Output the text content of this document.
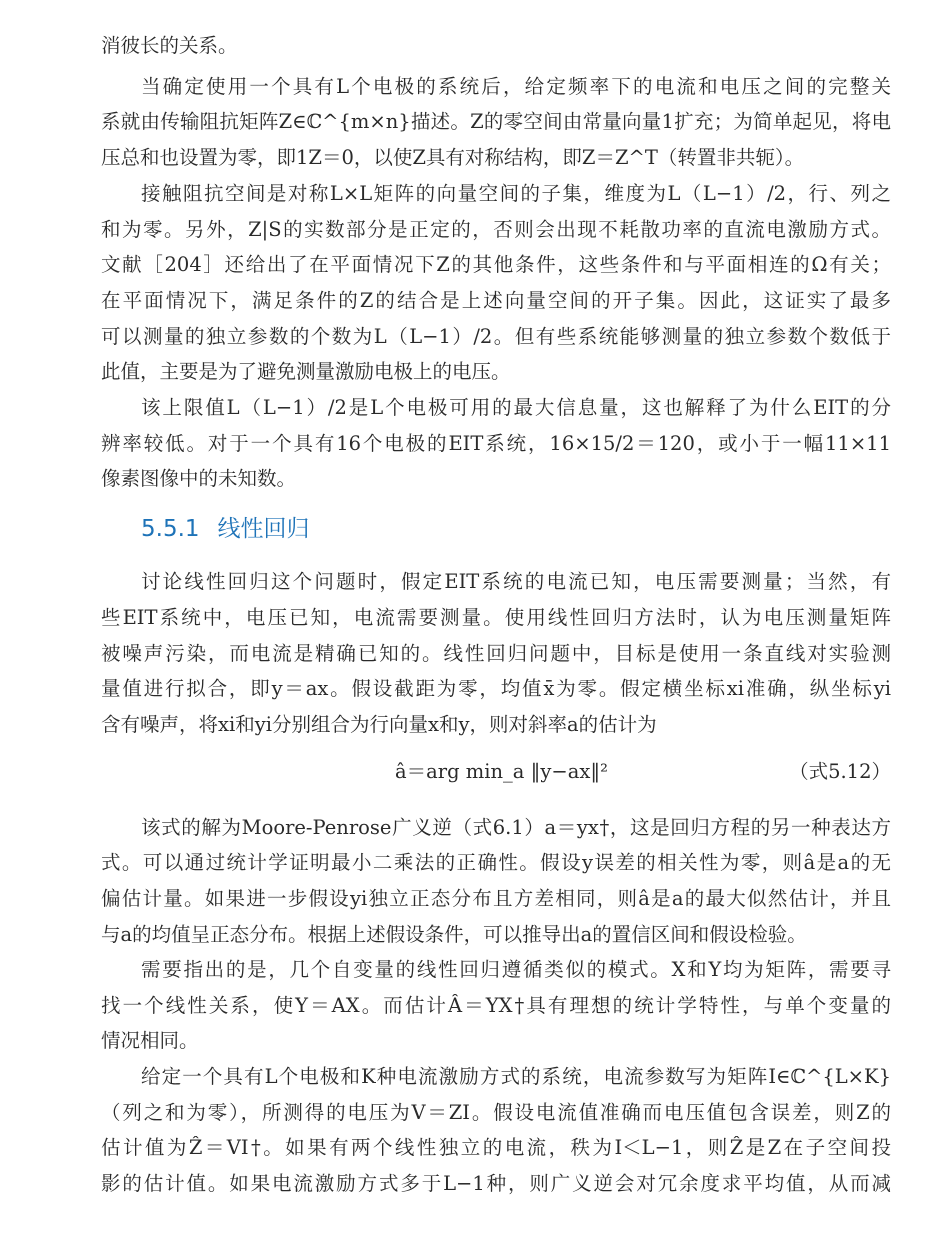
消彼长的关系。
当确定使用一个具有L个电极的系统后，给定频率下的电流和电压之间的完整关
系就由传输阻抗矩阵Z∈ℂ^{m×n}描述。Z的零空间由常量向量1扩充；为简单起见，将电
压总和也设置为零，即1Z＝0，以使Z具有对称结构，即Z＝Z^T（转置非共轭）。
接触阻抗空间是对称L×L矩阵的向量空间的子集，维度为L（L−1）/2，行、列之
和为零。另外，Z|S的实数部分是正定的，否则会出现不耗散功率的直流电激励方式。
文献［204］还给出了在平面情况下Z的其他条件，这些条件和与平面相连的Ω有关；
在平面情况下，满足条件的Z的结合是上述向量空间的开子集。因此，这证实了最多
可以测量的独立参数的个数为L（L−1）/2。但有些系统能够测量的独立参数个数低于
此值，主要是为了避免测量激励电极上的电压。
该上限值L（L−1）/2是L个电极可用的最大信息量，这也解释了为什么EIT的分
辨率较低。对于一个具有16个电极的EIT系统，16×15/2＝120，或小于一幅11×11
像素图像中的未知数。
5.5.1 线性回归
讨论线性回归这个问题时，假定EIT系统的电流已知，电压需要测量；当然，有
些EIT系统中，电压已知，电流需要测量。使用线性回归方法时，认为电压测量矩阵
被噪声污染，而电流是精确已知的。线性回归问题中，目标是使用一条直线对实验测
量值进行拟合，即y＝ax。假设截距为零，均值x̄为零。假定横坐标xi准确，纵坐标yi
含有噪声，将xi和yi分别组合为行向量x和y，则对斜率a的估计为
â＝arg min_a ‖y−ax‖²	（式5.12）
该式的解为Moore-Penrose广义逆（式6.1）a＝yx†，这是回归方程的另一种表达方
式。可以通过统计学证明最小二乘法的正确性。假设y误差的相关性为零，则â是a的无
偏估计量。如果进一步假设yi独立正态分布且方差相同，则â是a的最大似然估计，并且
与a的均值呈正态分布。根据上述假设条件，可以推导出a的置信区间和假设检验。
需要指出的是，几个自变量的线性回归遵循类似的模式。X和Y均为矩阵，需要寻
找一个线性关系，使Y＝AX。而估计Â＝YX†具有理想的统计学特性，与单个变量的
情况相同。
给定一个具有L个电极和K种电流激励方式的系统，电流参数写为矩阵I∈ℂ^{L×K}
（列之和为零），所测得的电压为V＝ZI。假设电流值准确而电压值包含误差，则Z的
估计值为Ẑ＝VI†。如果有两个线性独立的电流，秩为I＜L−1，则Ẑ是Z在子空间投
影的估计值。如果电流激励方式多于L−1种，则广义逆会对冗余度求平均值，从而减
